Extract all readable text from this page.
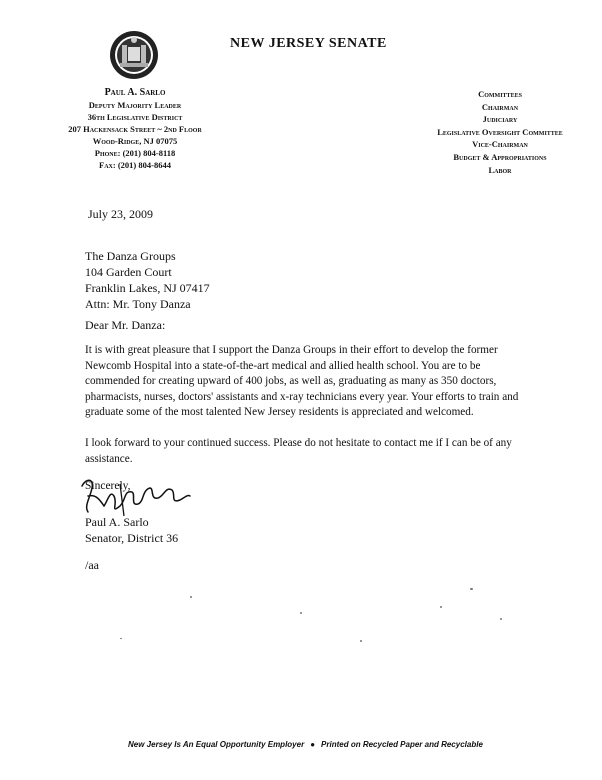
NEW JERSEY SENATE
Paul A. Sarlo
Deputy Majority Leader
36th Legislative District
207 Hackensack Street ~ 2nd Floor
Wood-Ridge, NJ 07075
Phone: (201) 804-8118
Fax: (201) 804-8644
Committees
Chairman
Judiciary
Legislative Oversight Committee
Vice-Chairman
Budget & Appropriations
Labor
July 23, 2009
The Danza Groups
104 Garden Court
Franklin Lakes, NJ 07417
Attn: Mr. Tony Danza
Dear Mr. Danza:
It is with great pleasure that I support the Danza Groups in their effort to develop the former Newcomb Hospital into a state-of-the-art medical and allied health school. You are to be commended for creating upward of 400 jobs, as well as, graduating as many as 350 doctors, pharmacists, nurses, doctors' assistants and x-ray technicians every year. Your efforts to train and graduate some of the most talented New Jersey residents is appreciated and welcomed.
I look forward to your continued success. Please do not hesitate to contact me if I can be of any assistance.
Sincerely,
Paul A. Sarlo
Senator, District 36
/aa
New Jersey Is An Equal Opportunity Employer ● Printed on Recycled Paper and Recyclable
